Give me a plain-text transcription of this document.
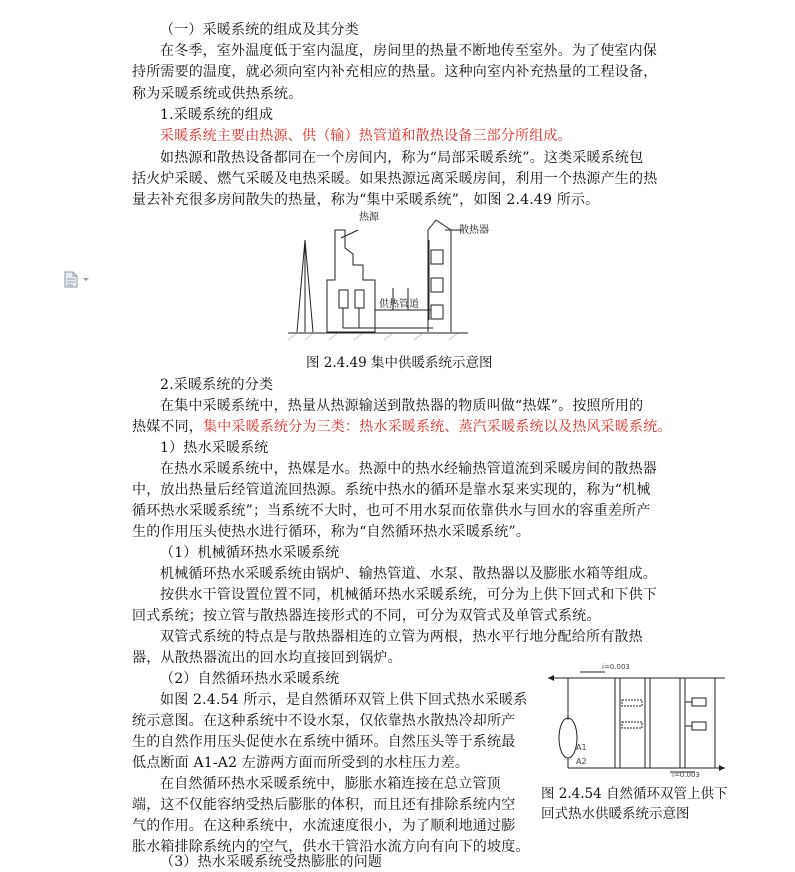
（一）采暖系统的组成及其分类
在冬季，室外温度低于室内温度，房间里的热量不断地传至室外。为了使室内保
持所需要的温度，就必须向室内补充相应的热量。这种向室内补充热量的工程设备，
称为采暖系统或供热系统。
1.采暖系统的组成
采暖系统主要由热源、供（输）热管道和散热设备三部分所组成。
如热源和散热设备都同在一个房间内，称为“局部采暖系统”。这类采暖系统包
括火炉采暖、燃气采暖及电热采暖。如果热源远离采暖房间，利用一个热源产生的热
量去补充很多房间散失的热量，称为“集中采暖系统”，如图 2.4.49 所示。
热源
散热器
供热管道
图 2.4.49 集中供暖系统示意图
2.采暖系统的分类
在集中采暖系统中，热量从热源输送到散热器的物质叫做“热媒”。按照所用的
热媒不同，集中采暖系统分为三类：热水采暖系统、蒸汽采暖系统以及热风采暖系统。
1）热水采暖系统
在热水采暖系统中，热媒是水。热源中的热水经输热管道流到采暖房间的散热器
中，放出热量后经管道流回热源。系统中热水的循环是靠水泵来实现的，称为“机械
循环热水采暖系统”；当系统不大时，也可不用水泵而依靠供水与回水的容重差所产
生的作用压头使热水进行循环，称为“自然循环热水采暖系统”。
（1）机械循环热水采暖系统
机械循环热水采暖系统由锅炉、输热管道、水泵、散热器以及膨胀水箱等组成。
按供水干管设置位置不同，机械循环热水采暖系统，可分为上供下回式和下供下
回式系统；按立管与散热器连接形式的不同，可分为双管式及单管式系统。
双管式系统的特点是与散热器相连的立管为两根，热水平行地分配给所有散热
器，从散热器流出的回水均直接回到锅炉。
（2）自然循环热水采暖系统
如图 2.4.54 所示，是自然循环双管上供下回式热水采暖系
统示意图。在这种系统中不设水泵，仅依靠热水散热冷却所产
生的自然作用压头促使水在系统中循环。自然压头等于系统最
低点断面 A1-A2 左游两方面而所受到的水柱压力差。
在自然循环热水采暖系统中，膨胀水箱连接在总立管顶
端，这不仅能容纳受热后膨胀的体积，而且还有排除系统内空
气的作用。在这种系统中，水流速度很小，为了顺利地通过膨
胀水箱排除系统内的空气，供水干管沿水流方向有向下的坡度。
（3）热水采暖系统受热膨胀的问题
i=0.003
i=0.003
A1
A2
图 2.4.54 自然循环双管上供下
回式热水供暖系统示意图
